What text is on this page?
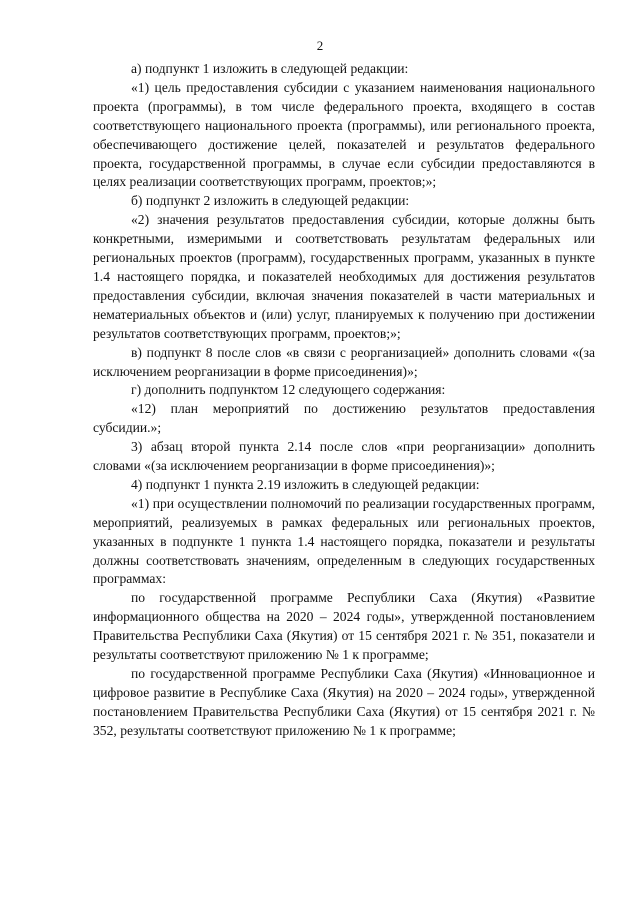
2

а) подпункт 1 изложить в следующей редакции:

«1) цель предоставления субсидии с указанием наименования национального проекта (программы), в том числе федерального проекта, входящего в состав соответствующего национального проекта (программы), или регионального проекта, обеспечивающего достижение целей, показателей и результатов федерального проекта, государственной программы, в случае если субсидии предоставляются в целях реализации соответствующих программ, проектов;»;

б) подпункт 2 изложить в следующей редакции:

«2) значения результатов предоставления субсидии, которые должны быть конкретными, измеримыми и соответствовать результатам федеральных или региональных проектов (программ), государственных программ, указанных в пункте 1.4 настоящего порядка, и показателей необходимых для достижения результатов предоставления субсидии, включая значения показателей в части материальных и нематериальных объектов и (или) услуг, планируемых к получению при достижении результатов соответствующих программ, проектов;»;

в) подпункт 8 после слов «в связи с реорганизацией» дополнить словами «(за исключением реорганизации в форме присоединения)»;

г) дополнить подпунктом 12 следующего содержания:

«12) план мероприятий по достижению результатов предоставления субсидии.»;

3) абзац второй пункта 2.14 после слов «при реорганизации» дополнить словами «(за исключением реорганизации в форме присоединения)»;

4) подпункт 1 пункта 2.19 изложить в следующей редакции:

«1) при осуществлении полномочий по реализации государственных программ, мероприятий, реализуемых в рамках федеральных или региональных проектов, указанных в подпункте 1 пункта 1.4 настоящего порядка, показатели и результаты должны соответствовать значениям, определенным в следующих государственных программах:

по государственной программе Республики Саха (Якутия) «Развитие информационного общества на 2020 – 2024 годы», утвержденной постановлением Правительства Республики Саха (Якутия) от 15 сентября 2021 г. № 351, показатели и результаты соответствуют приложению № 1 к программе;

по государственной программе Республики Саха (Якутия) «Инновационное и цифровое развитие в Республике Саха (Якутия) на 2020 – 2024 годы», утвержденной постановлением Правительства Республики Саха (Якутия) от 15 сентября 2021 г. № 352, результаты соответствуют приложению № 1 к программе;
